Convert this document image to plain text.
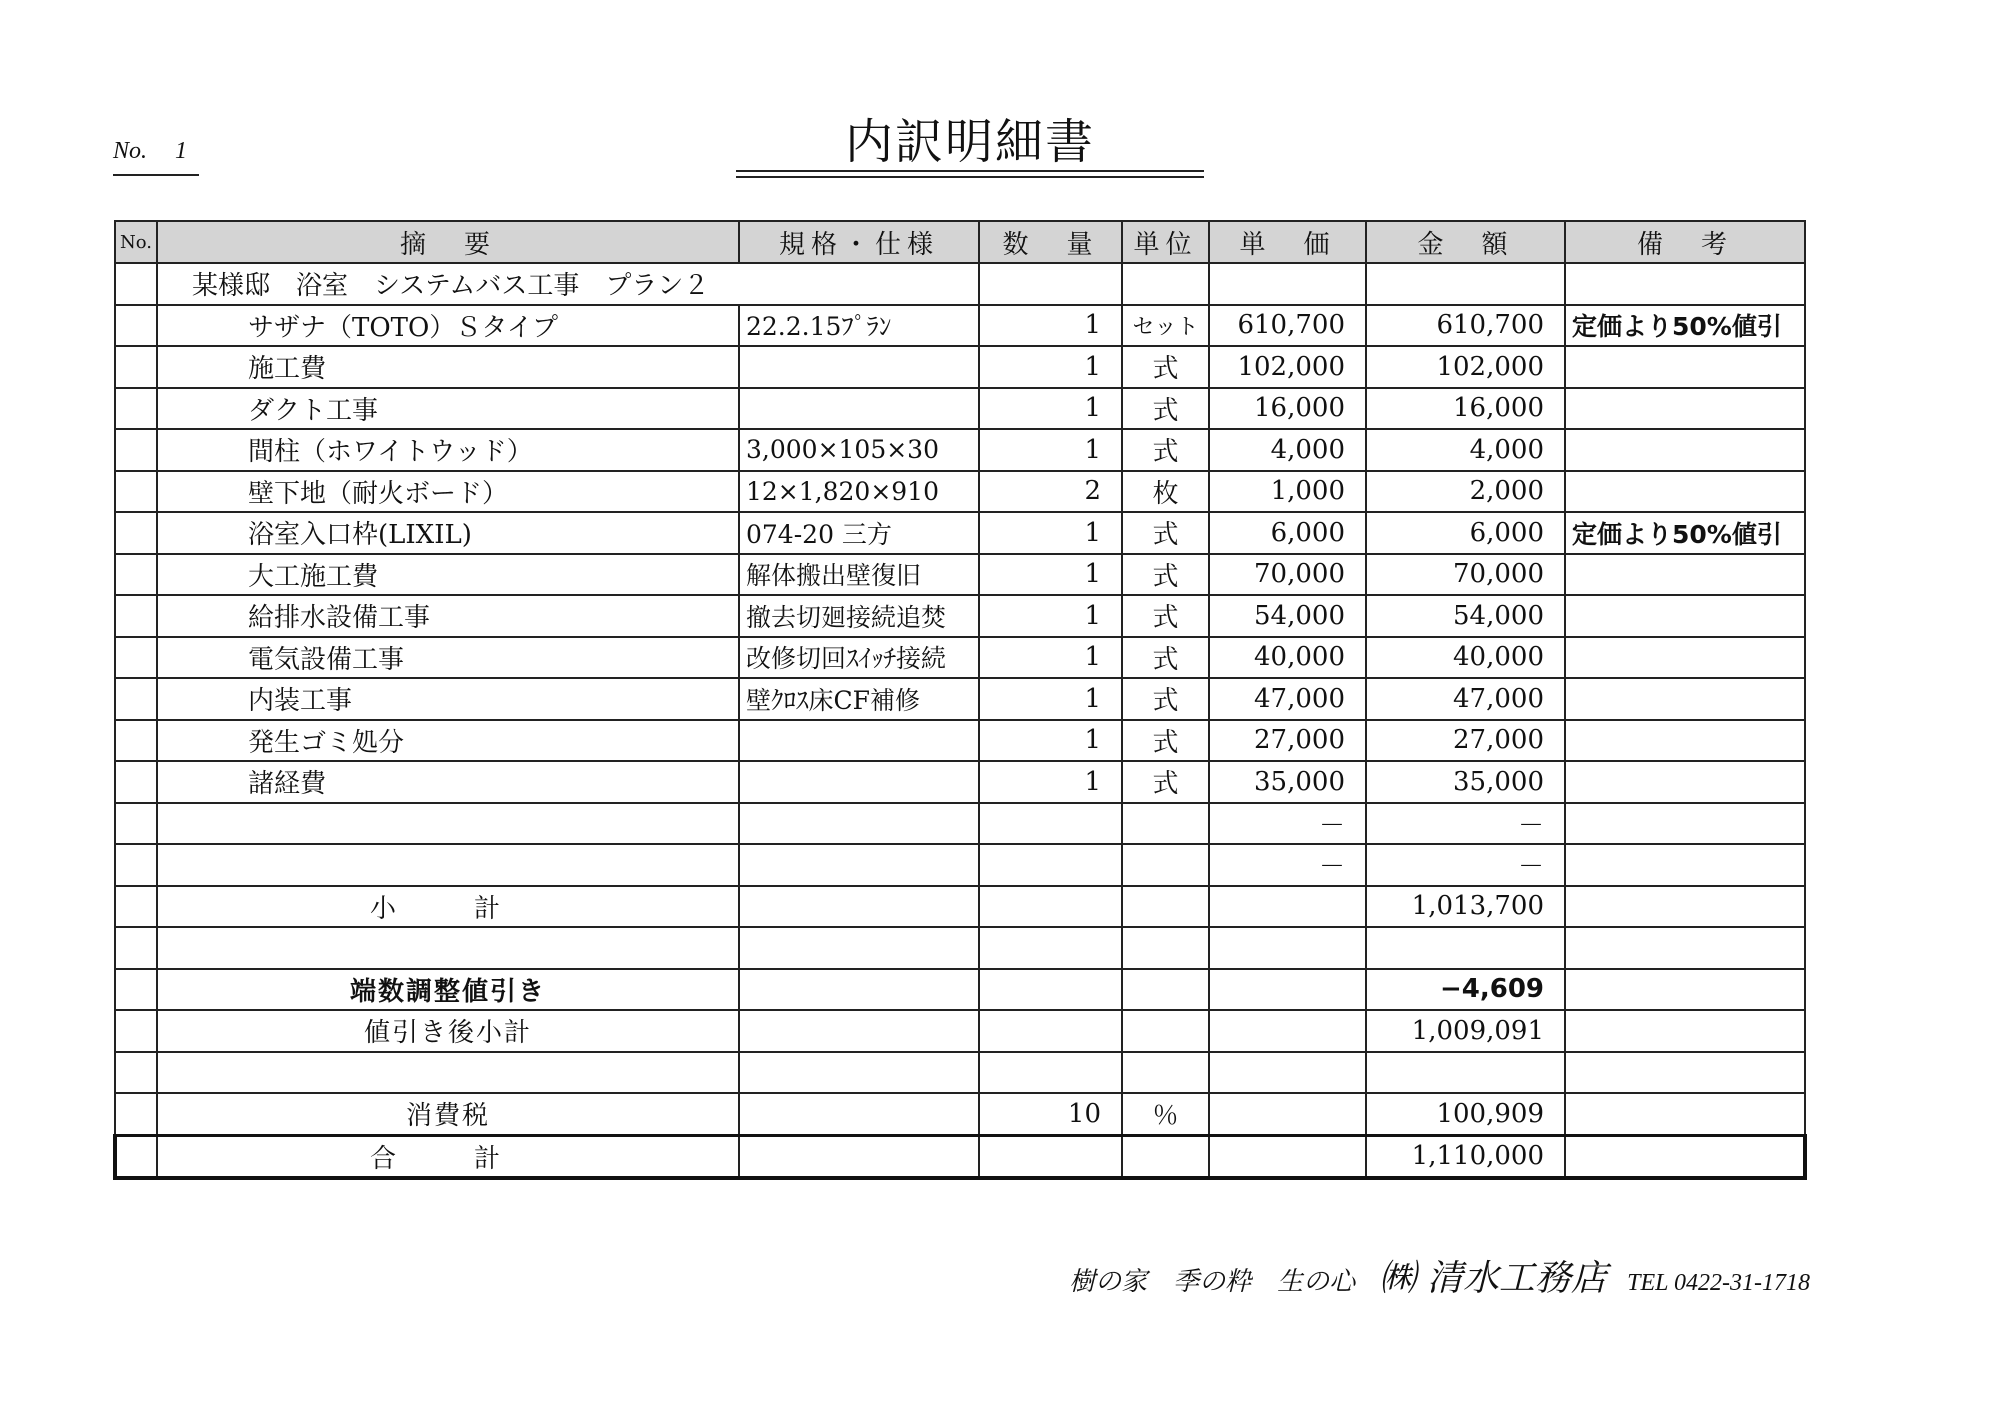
No. 1	内訳明細書
No.	摘　要	規格・仕様	数　量	単位	単　価	金　額	備　考
	某様邸　浴室　システムバス工事　プラン２						
	サザナ（TOTO）Ｓタイプ	22.2.15ﾌﾟﾗﾝ	1	セット	610,700	610,700	定価より50%値引
	施工費		1	式	102,000	102,000	
	ダクト工事		1	式	16,000	16,000	
	間柱（ホワイトウッド）	3,000×105×30	1	式	4,000	4,000	
	壁下地（耐火ボード）	12×1,820×910	2	枚	1,000	2,000	
	浴室入口枠(LIXIL)	074-20 三方	1	式	6,000	6,000	定価より50%値引
	大工施工費	解体搬出壁復旧	1	式	70,000	70,000	
	給排水設備工事	撤去切廻接続追焚	1	式	54,000	54,000	
	電気設備工事	改修切回ｽｲｯﾁ接続	1	式	40,000	40,000	
	内装工事	壁ｸﾛｽ床CF補修	1	式	47,000	47,000	
	発生ゴミ処分		1	式	27,000	27,000	
	諸経費		1	式	35,000	35,000	
					－	－	
					－	－	
	小　計					1,013,700	

	端数調整値引き					−4,609	
	値引き後小計					1,009,091	

	消費税		10	％		100,909	
	合　計					1,110,000	
樹の家　季の粋　生の心 ㈱ 清水工務店 TEL 0422-31-1718
